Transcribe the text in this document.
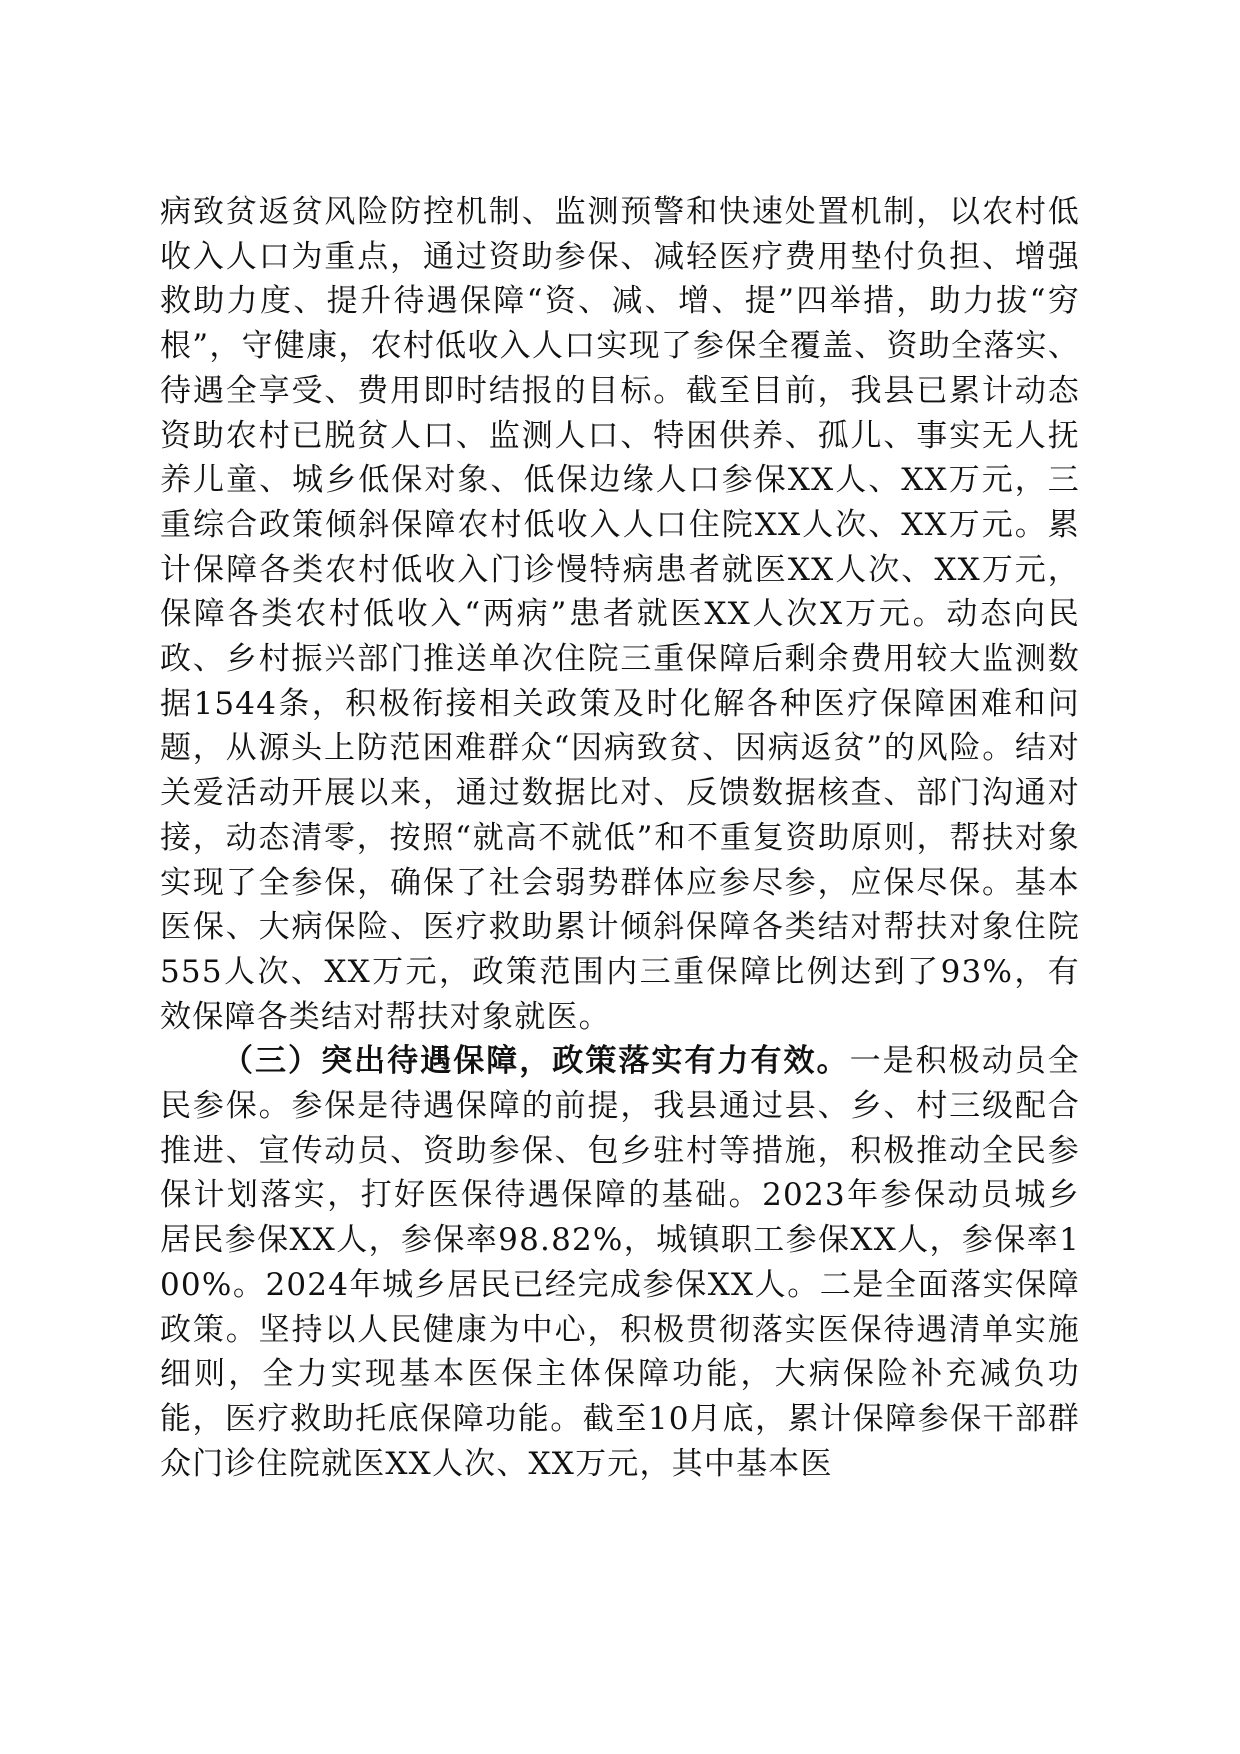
病致贫返贫风险防控机制、监测预警和快速处置机制，以农村低收入人口为重点，通过资助参保、减轻医疗费用垫付负担、增强救助力度、提升待遇保障“资、减、增、提”四举措，助力拔“穷根”，守健康，农村低收入人口实现了参保全覆盖、资助全落实、待遇全享受、费用即时结报的目标。截至目前，我县已累计动态资助农村已脱贫人口、监测人口、特困供养、孤儿、事实无人抚养儿童、城乡低保对象、低保边缘人口参保XX人、XX万元，三重综合政策倾斜保障农村低收入人口住院XX人次、XX万元。累计保障各类农村低收入门诊慢特病患者就医XX人次、XX万元，保障各类农村低收入“两病”患者就医XX人次X万元。动态向民政、乡村振兴部门推送单次住院三重保障后剩余费用较大监测数据1544条，积极衔接相关政策及时化解各种医疗保障困难和问题，从源头上防范困难群众“因病致贫、因病返贫”的风险。结对关爱活动开展以来，通过数据比对、反馈数据核查、部门沟通对接，动态清零，按照“就高不就低”和不重复资助原则，帮扶对象实现了全参保，确保了社会弱势群体应参尽参，应保尽保。基本医保、大病保险、医疗救助累计倾斜保障各类结对帮扶对象住院555人次、XX万元，政策范围内三重保障比例达到了93%，有效保障各类结对帮扶对象就医。

（三）突出待遇保障，政策落实有力有效。一是积极动员全民参保。参保是待遇保障的前提，我县通过县、乡、村三级配合推进、宣传动员、资助参保、包乡驻村等措施，积极推动全民参保计划落实，打好医保待遇保障的基础。2023年参保动员城乡居民参保XX人，参保率98.82%，城镇职工参保XX人，参保率100%。2024年城乡居民已经完成参保XX人。二是全面落实保障政策。坚持以人民健康为中心，积极贯彻落实医保待遇清单实施细则，全力实现基本医保主体保障功能，大病保险补充减负功能，医疗救助托底保障功能。截至10月底，累计保障参保干部群众门诊住院就医XX人次、XX万元，其中基本医
